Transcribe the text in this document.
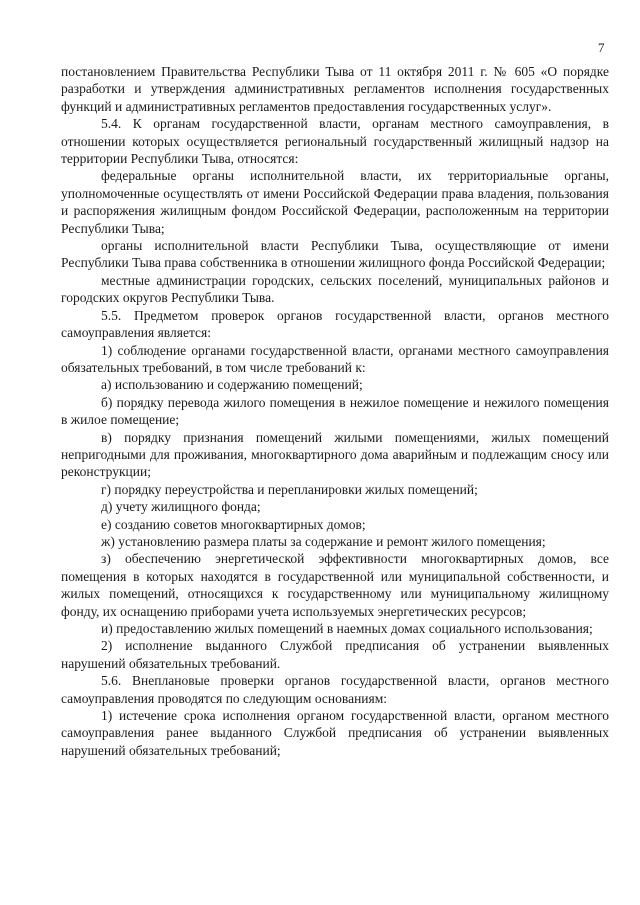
7

постановлением Правительства Республики Тыва от 11 октября 2011 г. № 605 «О порядке разработки и утверждения административных регламентов исполнения государственных функций и административных регламентов предоставления государственных услуг».

5.4. К органам государственной власти, органам местного самоуправления, в отношении которых осуществляется региональный государственный жилищный надзор на территории Республики Тыва, относятся:

федеральные органы исполнительной власти, их территориальные органы, уполномоченные осуществлять от имени Российской Федерации права владения, пользования и распоряжения жилищным фондом Российской Федерации, расположенным на территории Республики Тыва;

органы исполнительной власти Республики Тыва, осуществляющие от имени Республики Тыва права собственника в отношении жилищного фонда Российской Федерации;

местные администрации городских, сельских поселений, муниципальных районов и городских округов Республики Тыва.

5.5. Предметом проверок органов государственной власти, органов местного самоуправления является:

1) соблюдение органами государственной власти, органами местного самоуправления обязательных требований, в том числе требований к:

а) использованию и содержанию помещений;

б) порядку перевода жилого помещения в нежилое помещение и нежилого помещения в жилое помещение;

в) порядку признания помещений жилыми помещениями, жилых помещений непригодными для проживания, многоквартирного дома аварийным и подлежащим сносу или реконструкции;

г) порядку переустройства и перепланировки жилых помещений;

д) учету жилищного фонда;

е) созданию советов многоквартирных домов;

ж) установлению размера платы за содержание и ремонт жилого помещения;

з) обеспечению энергетической эффективности многоквартирных домов, все помещения в которых находятся в государственной или муниципальной собственности, и жилых помещений, относящихся к государственному или муниципальному жилищному фонду, их оснащению приборами учета используемых энергетических ресурсов;

и) предоставлению жилых помещений в наемных домах социального использования;

2) исполнение выданного Службой предписания об устранении выявленных нарушений обязательных требований.

5.6. Внеплановые проверки органов государственной власти, органов местного самоуправления проводятся по следующим основаниям:

1) истечение срока исполнения органом государственной власти, органом местного самоуправления ранее выданного Службой предписания об устранении выявленных нарушений обязательных требований;
